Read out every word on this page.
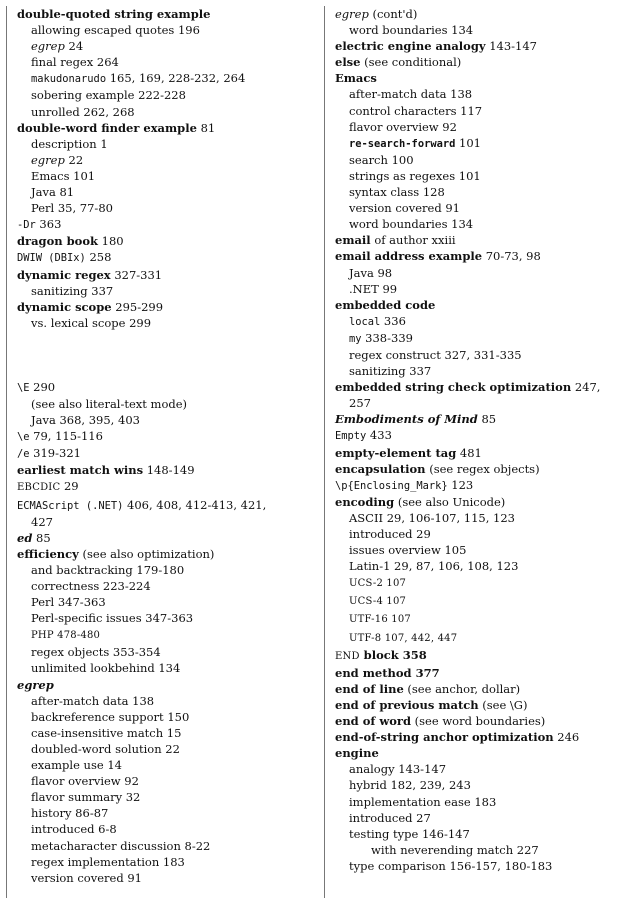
double-quoted string example
allowing escaped quotes 196
egrep 24
final regex 264
makudonarudo 165, 169, 228-232, 264
sobering example 222-228
unrolled 262, 268
double-word finder example 81
description 1
egrep 22
Emacs 101
Java 81
Perl 35, 77-80
-Dr 363
dragon book 180
DWIW (DBIx) 258
dynamic regex 327-331
sanitizing 337
dynamic scope 295-299
vs. lexical scope 299
\E 290
(see also literal-text mode)
Java 368, 395, 403
\e 79, 115-116
/e 319-321
earliest match wins 148-149
EBCDIC 29
ECMAScript (.NET) 406, 408, 412-413, 421,
427
ed 85
efficiency (see also optimization)
and backtracking 179-180
correctness 223-224
Perl 347-363
Perl-specific issues 347-363
PHP 478-480
regex objects 353-354
unlimited lookbehind 134
egrep
after-match data 138
backreference support 150
case-insensitive match 15
doubled-word solution 22
example use 14
flavor overview 92
flavor summary 32
history 86-87
introduced 6-8
metacharacter discussion 8-22
regex implementation 183
version covered 91
egrep (cont'd)
word boundaries 134
electric engine analogy 143-147
else (see conditional)
Emacs
after-match data 138
control characters 117
flavor overview 92
re-search-forward 101
search 100
strings as regexes 101
syntax class 128
version covered 91
word boundaries 134
email of author xxiii
email address example 70-73, 98
Java 98
.NET 99
embedded code
local 336
my 338-339
regex construct 327, 331-335
sanitizing 337
embedded string check optimization 247,
257
Embodiments of Mind 85
Empty 433
empty-element tag 481
encapsulation (see regex objects)
\p{Enclosing_Mark} 123
encoding (see also Unicode)
ASCII 29, 106-107, 115, 123
introduced 29
issues overview 105
Latin-1 29, 87, 106, 108, 123
UCS-2 107
UCS-4 107
UTF-16 107
UTF-8 107, 442, 447
END block 358
end method 377
end of line (see anchor, dollar)
end of previous match (see \G)
end of word (see word boundaries)
end-of-string anchor optimization 246
engine
analogy 143-147
hybrid 182, 239, 243
implementation ease 183
introduced 27
testing type 146-147
with neverending match 227
type comparison 156-157, 180-183
